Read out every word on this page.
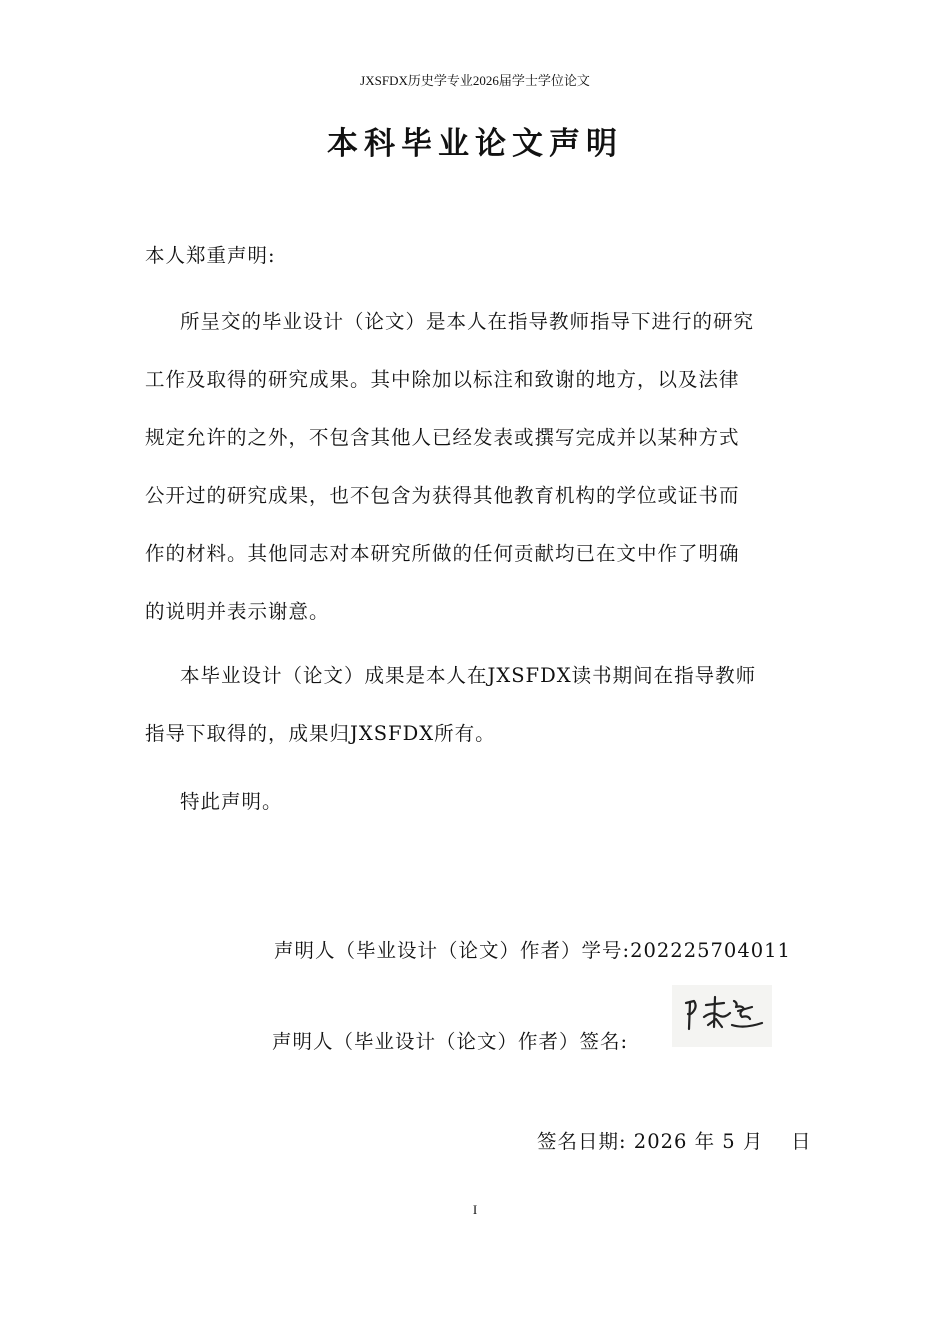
JXSFDX历史学专业2026届学士学位论文
本科毕业论文声明
本人郑重声明:
所呈交的毕业设计（论文）是本人在指导教师指导下进行的研究
工作及取得的研究成果。其中除加以标注和致谢的地方，以及法律
规定允许的之外，不包含其他人已经发表或撰写完成并以某种方式
公开过的研究成果，也不包含为获得其他教育机构的学位或证书而
作的材料。其他同志对本研究所做的任何贡献均已在文中作了明确
的说明并表示谢意。
本毕业设计（论文）成果是本人在JXSFDX读书期间在指导教师
指导下取得的，成果归JXSFDX所有。
特此声明。
声明人（毕业设计（论文）作者）学号:202225704011
声明人（毕业设计（论文）作者）签名:
签名日期: 2026 年 5 月　 日
I
